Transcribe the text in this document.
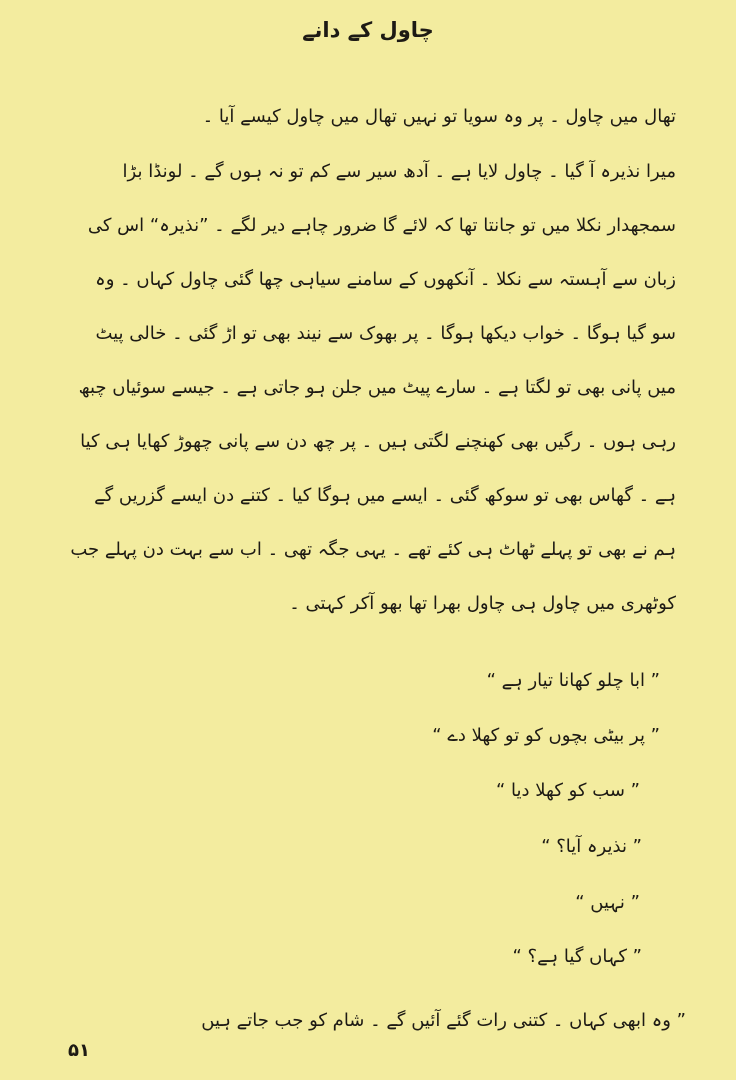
چاول کے دانے
تھال میں چاول ۔ پر وہ سویا تو نہیں تھال میں چاول کیسے آیا ۔
میرا نذیرہ آ گیا ۔ چاول لایا ہے ۔ آدھ سیر سے کم تو نہ ہوں گے ۔ لونڈا بڑا سمجھدار نکلا میں تو جانتا تھا کہ لائے گا ضرور چاہے دیر لگے ۔ ”نذیرہ“ اس کی زبان سے آہستہ سے نکلا ۔ آنکھوں کے سامنے سیاہی چھا گئی چاول کہاں ۔ وہ سو گیا ہوگا ۔ خواب دیکھا ہوگا ۔ پر بھوک سے نیند بھی تو اڑ گئی ۔ خالی پیٹ میں پانی بھی تو لگتا ہے ۔ سارے پیٹ میں جلن ہو جاتی ہے ۔ جیسے سوئیاں چبھ رہی ہوں ۔ رگیں بھی کھنچنے لگتی ہیں ۔ پر چھ دن سے پانی چھوڑ کھایا ہی کیا ہے ۔ گھاس بھی تو سوکھ گئی ۔ ایسے میں ہوگا کیا ۔ کتنے دن ایسے گزریں گے ہم نے بھی تو پہلے ٹھاٹ ہی کئے تھے ۔ یہی جگہ تھی ۔ اب سے بہت دن پہلے جب کوٹھری میں چاول ہی چاول بھرا تھا بھو آکر کہتی ۔
” ابا چلو کھانا تیار ہے “
” پر بیٹی بچوں کو تو کھلا دے “
” سب کو کھلا دیا “
” نذیرہ آیا؟ “
” نہیں “
” کہاں گیا ہے؟ “
” وہ ابھی کہاں ۔ کتنی رات گئے آئیں گے ۔ شام کو جب جاتے ہیں
۵۱
